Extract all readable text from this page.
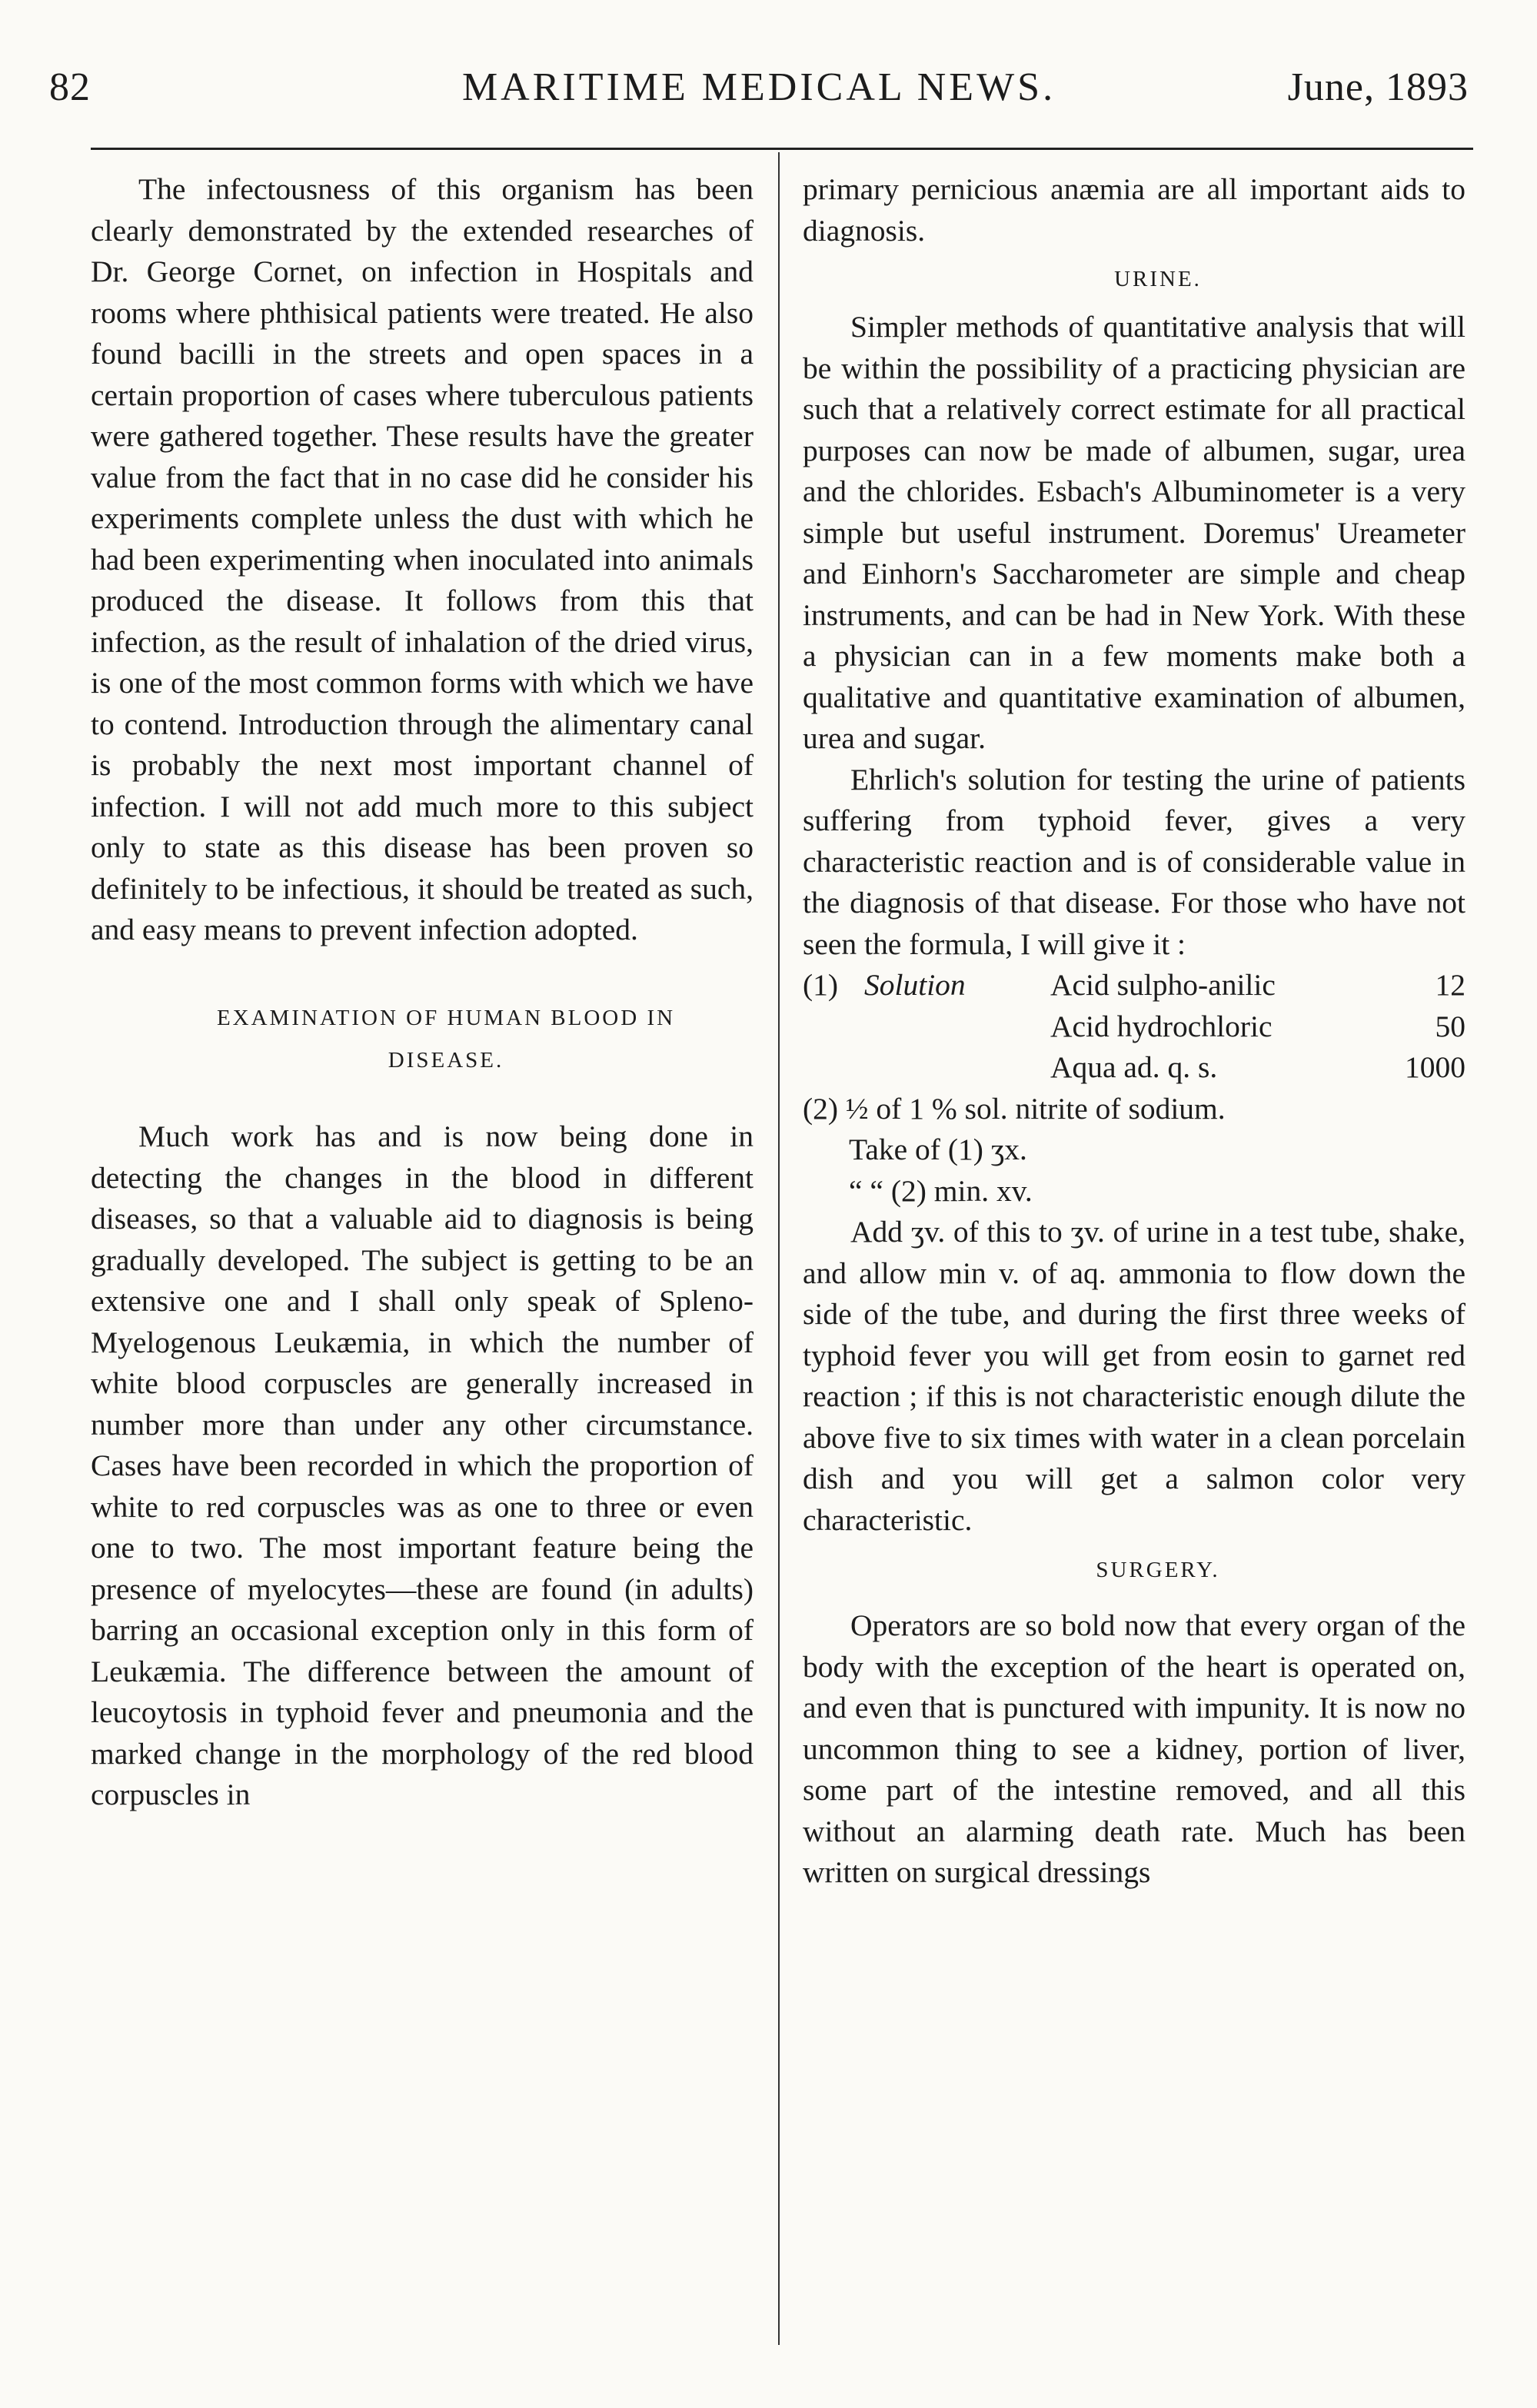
82	MARITIME MEDICAL NEWS.	June, 1893

The infectousness of this organism has been clearly demonstrated by the extended researches of Dr. George Cornet, on infection in Hospitals and rooms where phthisical patients were treated. He also found bacilli in the streets and open spaces in a certain proportion of cases where tuberculous patients were gathered together. These results have the greater value from the fact that in no case did he consider his experiments complete unless the dust with which he had been experimenting when inoculated into animals produced the disease. It follows from this that infection, as the result of inhalation of the dried virus, is one of the most common forms with which we have to contend. Introduction through the alimentary canal is probably the next most important channel of infection. I will not add much more to this subject only to state as this disease has been proven so definitely to be infectious, it should be treated as such, and easy means to prevent infection adopted.

EXAMINATION OF HUMAN BLOOD IN

DISEASE.

Much work has and is now being done in detecting the changes in the blood in different diseases, so that a valuable aid to diagnosis is being gradually developed. The subject is getting to be an extensive one and I shall only speak of Spleno-Myelogenous Leukæmia, in which the number of white blood corpuscles are generally increased in number more than under any other circumstance. Cases have been recorded in which the proportion of white to red corpuscles was as one to three or even one to two. The most important feature being the presence of myelocytes—these are found (in adults) barring an occasional exception only in this form of Leukæmia. The difference between the amount of leucoytosis in typhoid fever and pneumonia and the marked change in the morphology of the red blood corpuscles in

primary pernicious anæmia are all important aids to diagnosis.

URINE.

Simpler methods of quantitative analysis that will be within the possibility of a practicing physician are such that a relatively correct estimate for all practical purposes can now be made of albumen, sugar, urea and the chlorides. Esbach's Albuminometer is a very simple but useful instrument. Doremus' Ureameter and Einhorn's Saccharometer are simple and cheap instruments, and can be had in New York. With these a physician can in a few moments make both a qualitative and quantitative examination of albumen, urea and sugar.

Ehrlich's solution for testing the urine of patients suffering from typhoid fever, gives a very characteristic reaction and is of considerable value in the diagnosis of that disease. For those who have not seen the formula, I will give it :

(1) Solution	Acid sulpho-anilic	12
Acid hydrochloric	50
Aqua ad. q. s.	1000
(2) ½ of 1 % sol. nitrite of sodium.
Take of (1) ʒx.
“ “ (2) min. xv.

Add ʒv. of this to ʒv. of urine in a test tube, shake, and allow min v. of aq. ammonia to flow down the side of the tube, and during the first three weeks of typhoid fever you will get from eosin to garnet red reaction ; if this is not characteristic enough dilute the above five to six times with water in a clean porcelain dish and you will get a salmon color very characteristic.

SURGERY.

Operators are so bold now that every organ of the body with the exception of the heart is operated on, and even that is punctured with impunity. It is now no uncommon thing to see a kidney, portion of liver, some part of the intestine removed, and all this without an alarming death rate. Much has been written on surgical dressings
